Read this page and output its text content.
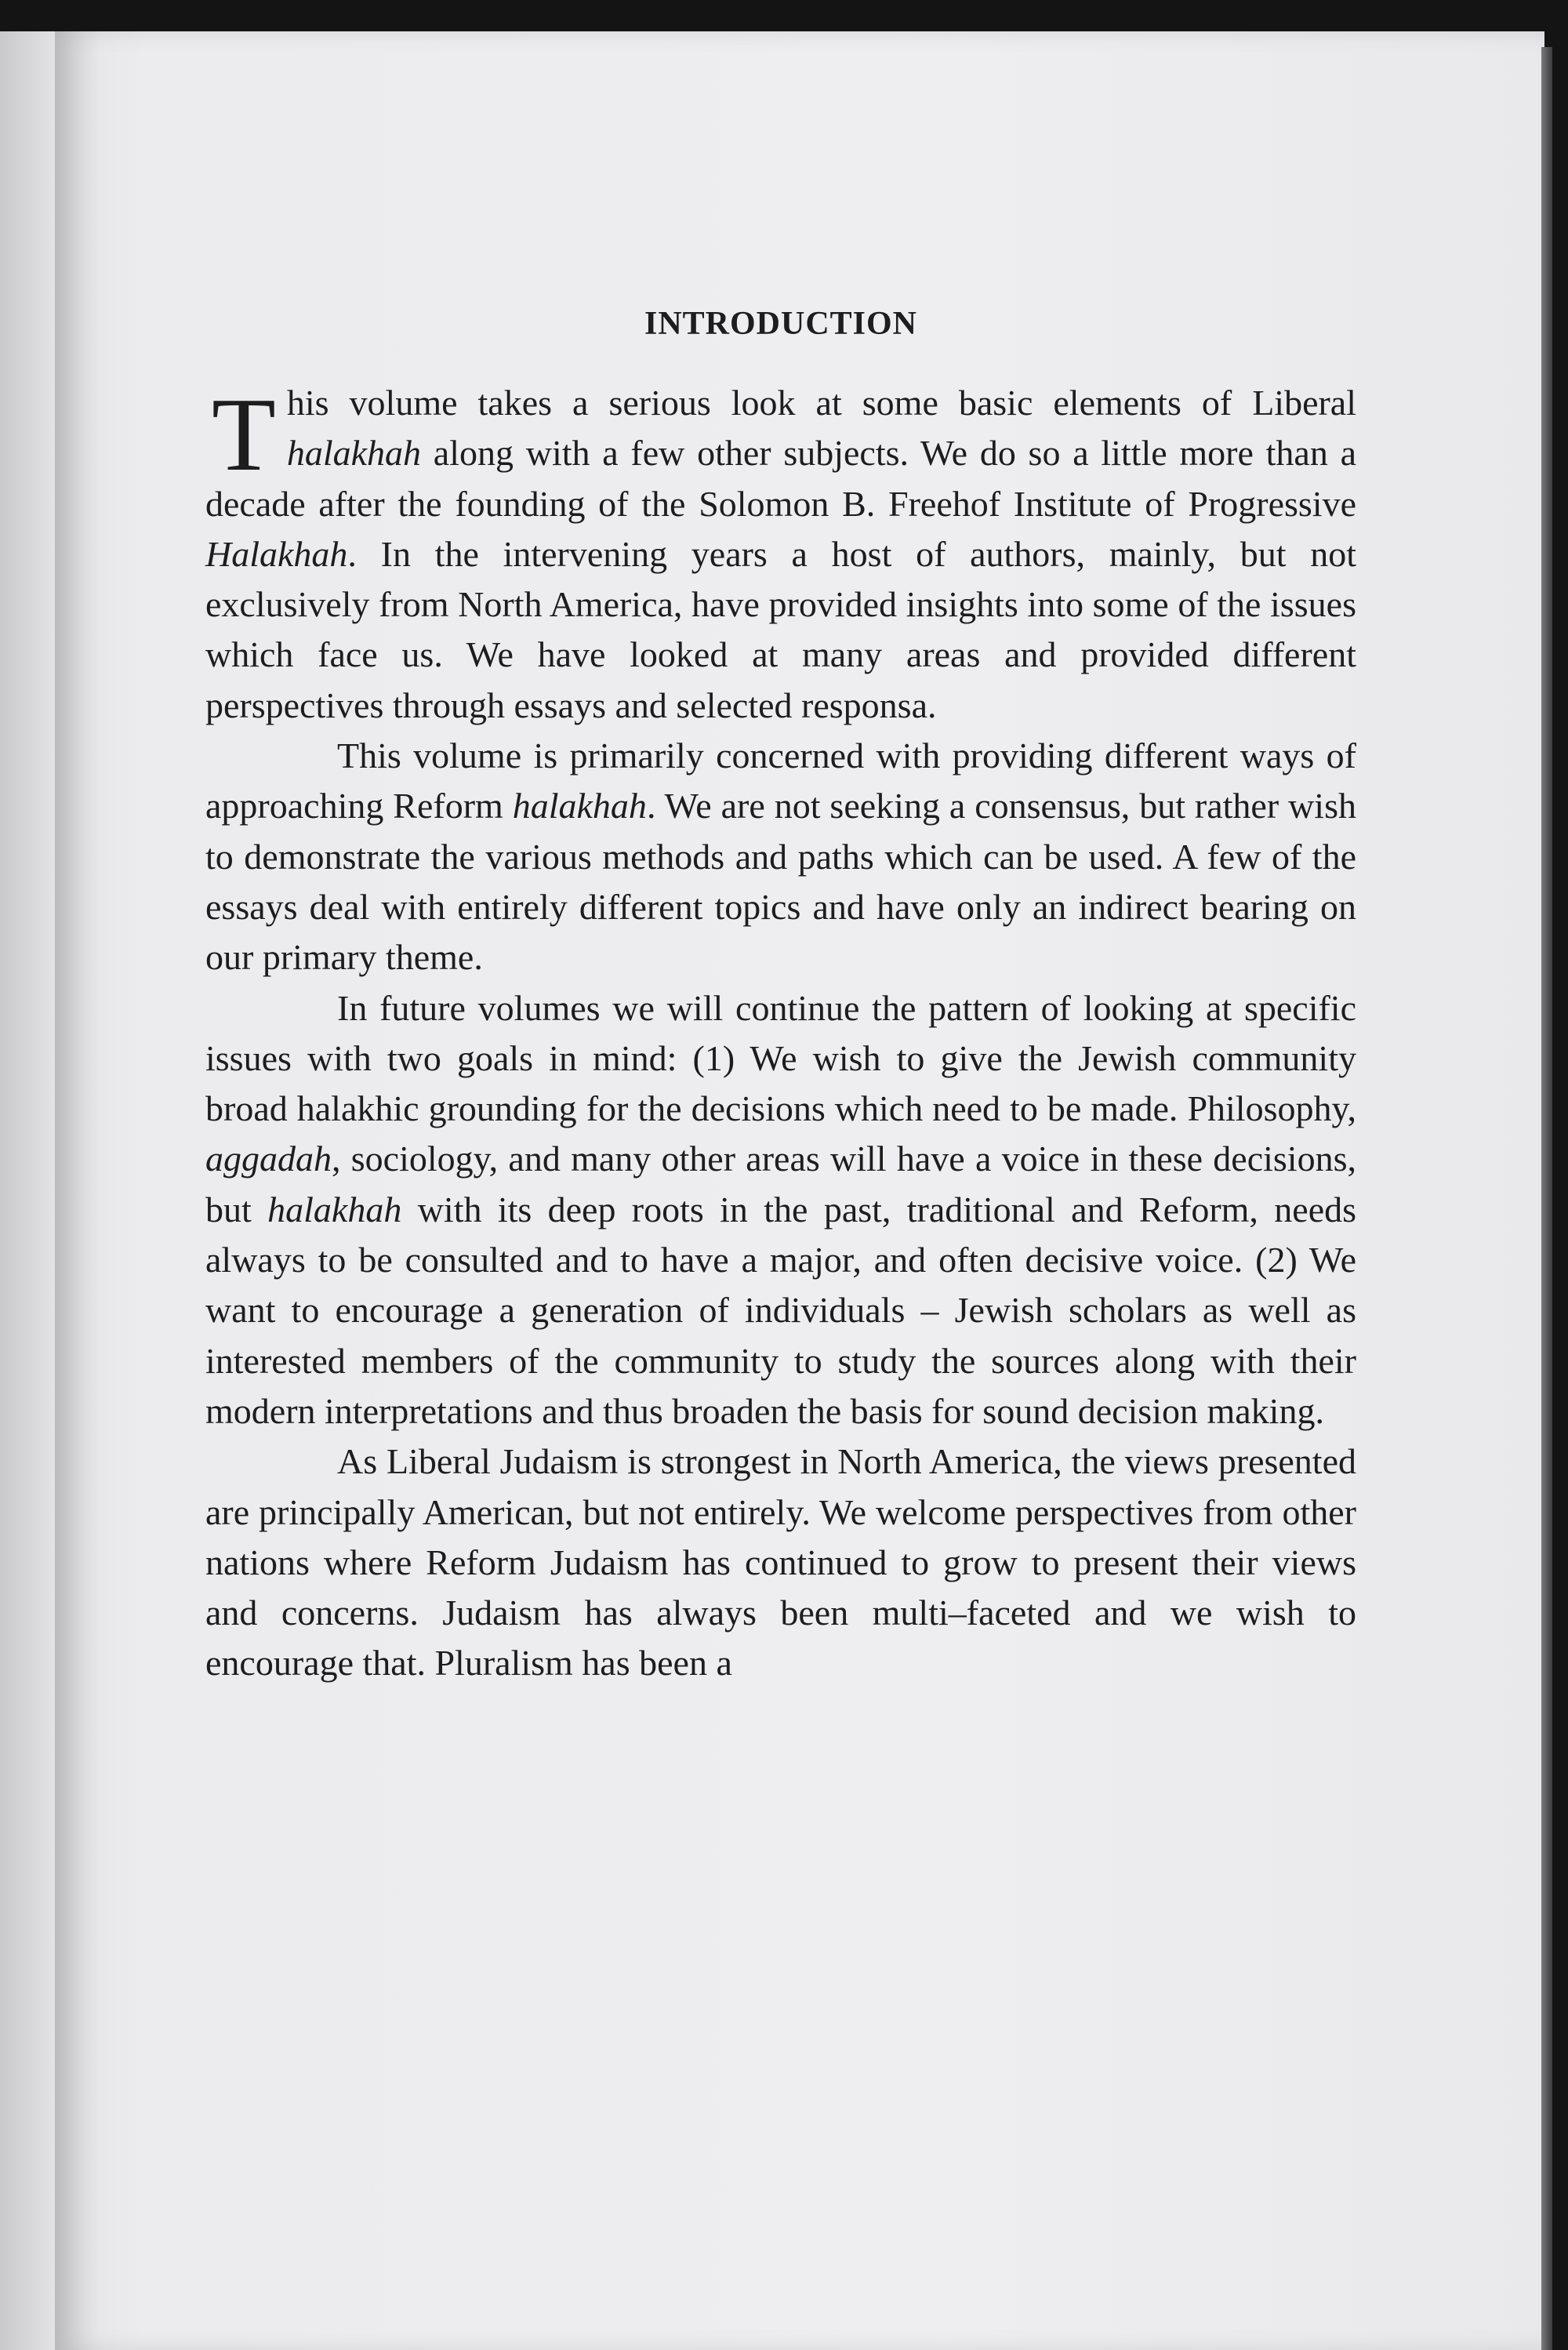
INTRODUCTION

This volume takes a serious look at some basic elements of Liberal halakhah along with a few other subjects. We do so a little more than a decade after the founding of the Solomon B. Freehof Institute of Progressive Halakhah. In the intervening years a host of authors, mainly, but not exclusively from North America, have provided insights into some of the issues which face us. We have looked at many areas and provided different perspectives through essays and selected responsa.

This volume is primarily concerned with providing different ways of approaching Reform halakhah. We are not seeking a consensus, but rather wish to demonstrate the various methods and paths which can be used. A few of the essays deal with entirely different topics and have only an indirect bearing on our primary theme.

In future volumes we will continue the pattern of looking at specific issues with two goals in mind: (1) We wish to give the Jewish community broad halakhic grounding for the decisions which need to be made. Philosophy, aggadah, sociology, and many other areas will have a voice in these decisions, but halakhah with its deep roots in the past, traditional and Reform, needs always to be consulted and to have a major, and often decisive voice. (2) We want to encourage a generation of individuals – Jewish scholars as well as interested members of the community to study the sources along with their modern interpretations and thus broaden the basis for sound decision making.

As Liberal Judaism is strongest in North America, the views presented are principally American, but not entirely. We welcome perspectives from other nations where Reform Judaism has continued to grow to present their views and concerns. Judaism has always been multi–faceted and we wish to encourage that. Pluralism has been a
